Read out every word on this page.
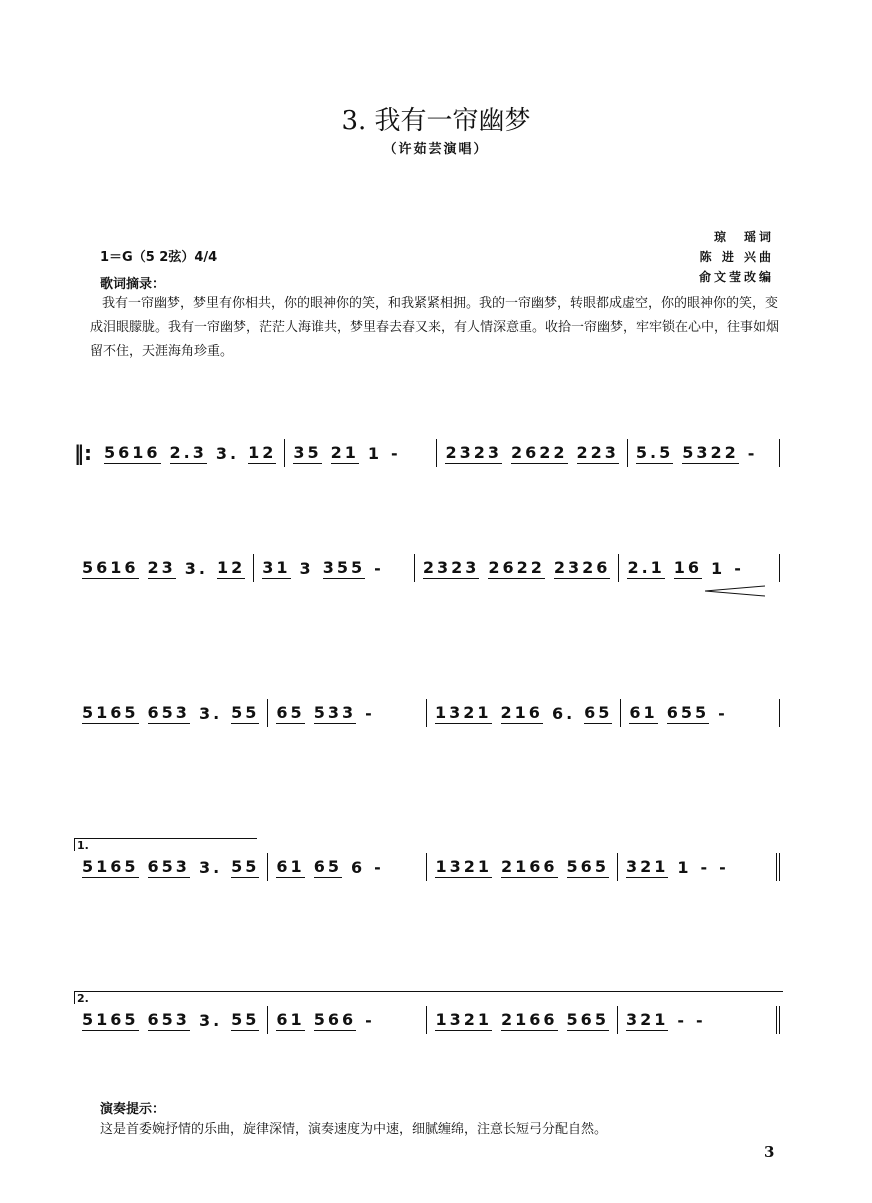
3. 我有一帘幽梦
（许茹芸演唱）
琼　瑶词
陈 进 兴曲
俞文莹改编
1＝G（5 2弦）4/4
歌词摘录：
我有一帘幽梦，梦里有你相共，你的眼神你的笑，和我紧紧相拥。我的一帘幽梦，转眼都成虚空，你的眼神你的笑，变成泪眼朦胧。我有一帘幽梦，茫茫人海谁共，梦里春去春又来，有人情深意重。收拾一帘幽梦，牢牢锁在心中，往事如烟留不住，天涯海角珍重。
‖: 5616 2.3 3. 12 35 21 1 -	2323 2622 223 5.5 5322 -
5616 23 3. 12 31 3 355 - 2323 2622 2326 2.1 16 1 -
5165 653 3. 55 65 533 -	1321 216 6. 65 61 655 -
1.
5165 653 3. 55 61 65 6 -	1321 2166 565 321 1 - -
2.
5165 653 3. 55 61 566 -	1321 2166 565 321 - -
演奏提示：
这是首委婉抒情的乐曲，旋律深情，演奏速度为中速，细腻缠绵，注意长短弓分配自然。
3
